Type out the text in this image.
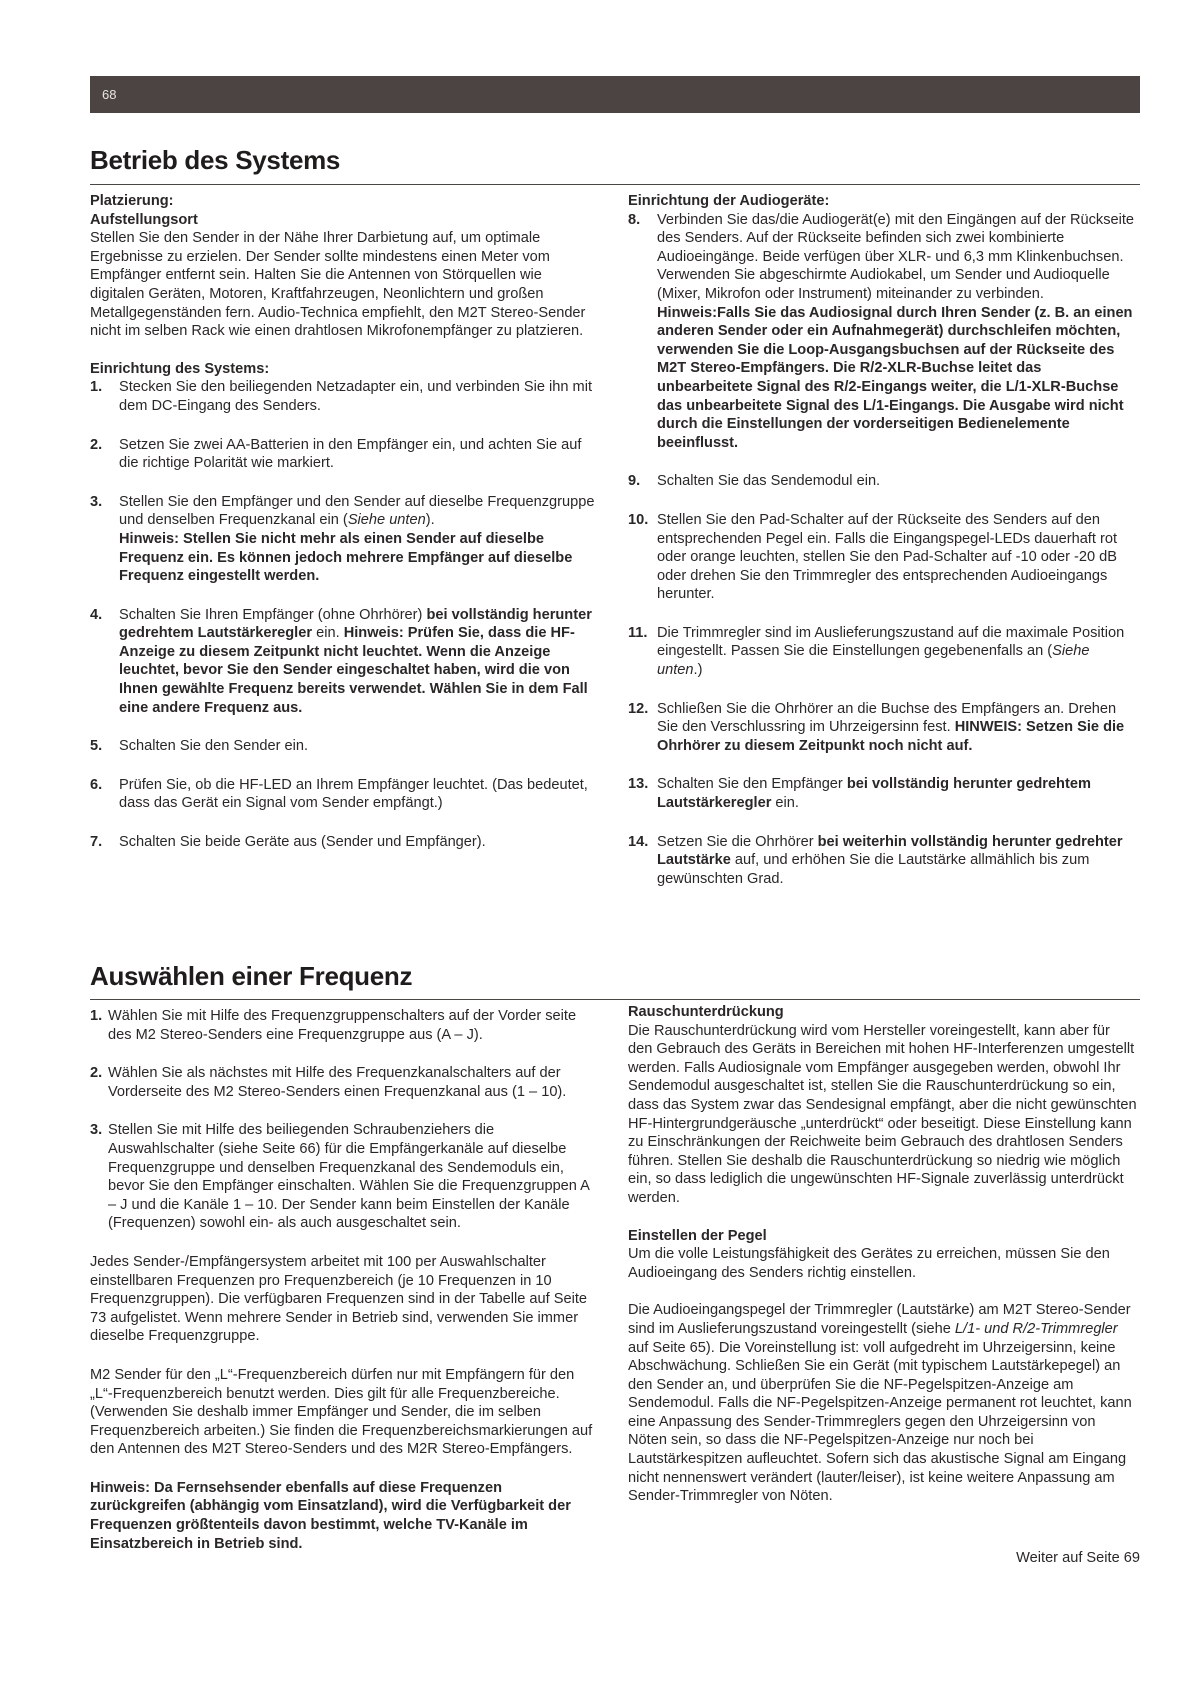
68
Betrieb des Systems

Platzierung:

Aufstellungsort

Stellen Sie den Sender in der Nähe Ihrer Darbietung auf, um optimale Ergebnisse zu erzielen. Der Sender sollte mindestens einen Meter vom Empfänger entfernt sein. Halten Sie die Antennen von Störquellen wie digitalen Geräten, Motoren, Kraftfahrzeugen, Neonlichtern und großen Metallgegenständen fern. Audio-Technica empfiehlt, den M2T Stereo-Sender nicht im selben Rack wie einen drahtlosen Mikrofonempfänger zu platzieren.

Einrichtung des Systems:

1. Stecken Sie den beiliegenden Netzadapter ein, und verbinden Sie ihn mit dem DC-Eingang des Senders.

2. Setzen Sie zwei AA-Batterien in den Empfänger ein, und achten Sie auf die richtige Polarität wie markiert.

3. Stellen Sie den Empfänger und den Sender auf dieselbe Frequenzgruppe und denselben Frequenzkanal ein (Siehe unten).

Hinweis: Stellen Sie nicht mehr als einen Sender auf dieselbe Frequenz ein. Es können jedoch mehrere Empfänger auf dieselbe Frequenz eingestellt werden.

4. Schalten Sie Ihren Empfänger (ohne Ohrhörer) bei vollständig herunter gedrehtem Lautstärkeregler ein. Hinweis: Prüfen Sie, dass die HF-Anzeige zu diesem Zeitpunkt nicht leuchtet. Wenn die Anzeige leuchtet, bevor Sie den Sender eingeschaltet haben, wird die von Ihnen gewählte Frequenz bereits verwendet. Wählen Sie in dem Fall eine andere Frequenz aus.

5. Schalten Sie den Sender ein.

6. Prüfen Sie, ob die HF-LED an Ihrem Empfänger leuchtet. (Das bedeutet, dass das Gerät ein Signal vom Sender empfängt.)

7. Schalten Sie beide Geräte aus (Sender und Empfänger).

Einrichtung der Audiogeräte:

8. Verbinden Sie das/die Audiogerät(e) mit den Eingängen auf der Rückseite des Senders. Auf der Rückseite befinden sich zwei kombinierte Audioeingänge. Beide verfügen über XLR- und 6,3 mm Klinkenbuchsen. Verwenden Sie abgeschirmte Audiokabel, um Sender und Audioquelle (Mixer, Mikrofon oder Instrument) miteinander zu verbinden. Hinweis:Falls Sie das Audiosignal durch Ihren Sender (z. B. an einen anderen Sender oder ein Aufnahmegerät) durchschleifen möchten, verwenden Sie die Loop-Ausgangsbuchsen auf der Rückseite des M2T Stereo-Empfängers. Die R/2-XLR-Buchse leitet das unbearbeitete Signal des R/2-Eingangs weiter, die L/1-XLR-Buchse das unbearbeitete Signal des L/1-Eingangs. Die Ausgabe wird nicht durch die Einstellungen der vorderseitigen Bedienelemente beeinflusst.

9. Schalten Sie das Sendemodul ein.

10. Stellen Sie den Pad-Schalter auf der Rückseite des Senders auf den entsprechenden Pegel ein. Falls die Eingangspegel-LEDs dauerhaft rot oder orange leuchten, stellen Sie den Pad-Schalter auf -10 oder -20 dB oder drehen Sie den Trimmregler des entsprechenden Audioeingangs herunter.

11. Die Trimmregler sind im Auslieferungszustand auf die maximale Position eingestellt. Passen Sie die Einstellungen gegebenenfalls an (Siehe unten.)

12. Schließen Sie die Ohrhörer an die Buchse des Empfängers an. Drehen Sie den Verschlussring im Uhrzeigersinn fest. HINWEIS: Setzen Sie die Ohrhörer zu diesem Zeitpunkt noch nicht auf.

13. Schalten Sie den Empfänger bei vollständig herunter gedrehtem Lautstärkeregler ein.

14. Setzen Sie die Ohrhörer bei weiterhin vollständig herunter gedrehter Lautstärke auf, und erhöhen Sie die Lautstärke allmählich bis zum gewünschten Grad.

Auswählen einer Frequenz
1. Wählen Sie mit Hilfe des Frequenzgruppenschalters auf der Vorder seite des M2 Stereo-Senders eine Frequenzgruppe aus (A – J).

2. Wählen Sie als nächstes mit Hilfe des Frequenzkanalschalters auf der Vorderseite des M2 Stereo-Senders einen Frequenzkanal aus (1 – 10).

3. Stellen Sie mit Hilfe des beiliegenden Schraubenziehers die Auswahlschalter (siehe Seite 66) für die Empfängerkanäle auf dieselbe Frequenzgruppe und denselben Frequenzkanal des Sendemoduls ein, bevor Sie den Empfänger einschalten. Wählen Sie die Frequenzgruppen A – J und die Kanäle 1 – 10. Der Sender kann beim Einstellen der Kanäle (Frequenzen) sowohl ein- als auch ausgeschaltet sein.

Jedes Sender-/Empfängersystem arbeitet mit 100 per Auswahlschalter einstellbaren Frequenzen pro Frequenzbereich (je 10 Frequenzen in 10 Frequenzgruppen). Die verfügbaren Frequenzen sind in der Tabelle auf Seite 73 aufgelistet. Wenn mehrere Sender in Betrieb sind, verwenden Sie immer dieselbe Frequenzgruppe.

M2 Sender für den „L“-Frequenzbereich dürfen nur mit Empfängern für den „L“-Frequenzbereich benutzt werden. Dies gilt für alle Frequenzbereiche. (Verwenden Sie deshalb immer Empfänger und Sender, die im selben Frequenzbereich arbeiten.) Sie finden die Frequenzbereichsmarkierungen auf den Antennen des M2T Stereo-Senders und des M2R Stereo-Empfängers.

Hinweis: Da Fernsehsender ebenfalls auf diese Frequenzen zurückgreifen (abhängig vom Einsatzland), wird die Verfügbarkeit der Frequenzen größtenteils davon bestimmt, welche TV-Kanäle im Einsatzbereich in Betrieb sind.

Rauschunterdrückung

Die Rauschunterdrückung wird vom Hersteller voreingestellt, kann aber für den Gebrauch des Geräts in Bereichen mit hohen HF-Interferenzen umgestellt werden. Falls Audiosignale vom Empfänger ausgegeben werden, obwohl Ihr Sendemodul ausgeschaltet ist, stellen Sie die Rauschunterdrückung so ein, dass das System zwar das Sendesignal empfängt, aber die nicht gewünschten HF-Hintergrundgeräusche „unterdrückt“ oder beseitigt. Diese Einstellung kann zu Einschränkungen der Reichweite beim Gebrauch des drahtlosen Senders führen. Stellen Sie deshalb die Rauschunterdrückung so niedrig wie möglich ein, so dass lediglich die ungewünschten HF-Signale zuverlässig unterdrückt werden.

Einstellen der Pegel

Um die volle Leistungsfähigkeit des Gerätes zu erreichen, müssen Sie den Audioeingang des Senders richtig einstellen.

Die Audioeingangspegel der Trimmregler (Lautstärke) am M2T Stereo-Sender sind im Auslieferungszustand voreingestellt (siehe L/1- und R/2-Trimmregler auf Seite 65). Die Voreinstellung ist: voll aufgedreht im Uhrzeigersinn, keine Abschwächung. Schließen Sie ein Gerät (mit typischem Lautstärkepegel) an den Sender an, und überprüfen Sie die NF-Pegelspitzen-Anzeige am Sendemodul. Falls die NF-Pegelspitzen-Anzeige permanent rot leuchtet, kann eine Anpassung des Sender-Trimmreglers gegen den Uhrzeigersinn von Nöten sein, so dass die NF-Pegelspitzen-Anzeige nur noch bei Lautstärkespitzen aufleuchtet. Sofern sich das akustische Signal am Eingang nicht nennenswert verändert (lauter/leiser), ist keine weitere Anpassung am Sender-Trimmregler von Nöten.

Weiter auf Seite 69
